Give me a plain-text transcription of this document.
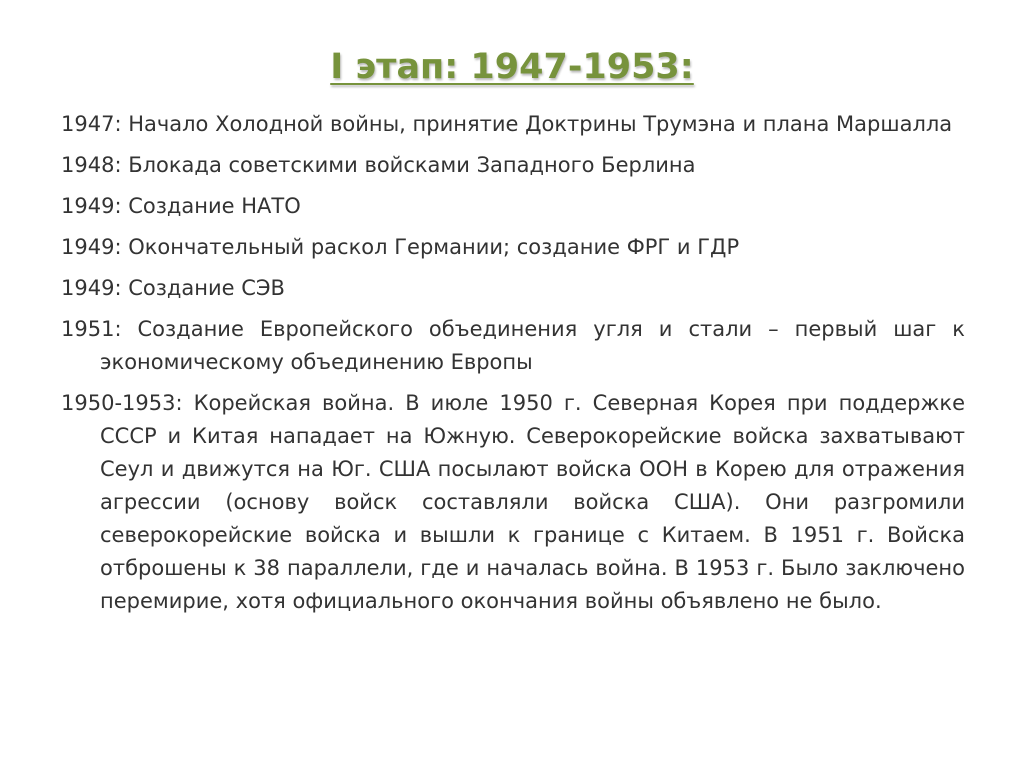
I этап: 1947-1953:
1947: Начало Холодной войны, принятие Доктрины Трумэна и плана Маршалла
1948: Блокада советскими войсками Западного Берлина
1949: Создание НАТО
1949: Окончательный раскол Германии; создание ФРГ и ГДР
1949: Создание СЭВ
1951: Создание Европейского объединения угля и стали – первый шаг к экономическому объединению Европы
1950-1953: Корейская война. В июле 1950 г. Северная Корея при поддержке СССР и Китая нападает на Южную. Северокорейские войска захватывают Сеул и движутся на Юг. США посылают войска ООН в Корею для отражения агрессии (основу войск составляли войска США). Они разгромили северокорейские войска и вышли к границе с Китаем. В 1951 г. Войска отброшены к 38 параллели, где и началась война. В 1953 г. Было заключено перемирие, хотя официального окончания войны объявлено не было.
